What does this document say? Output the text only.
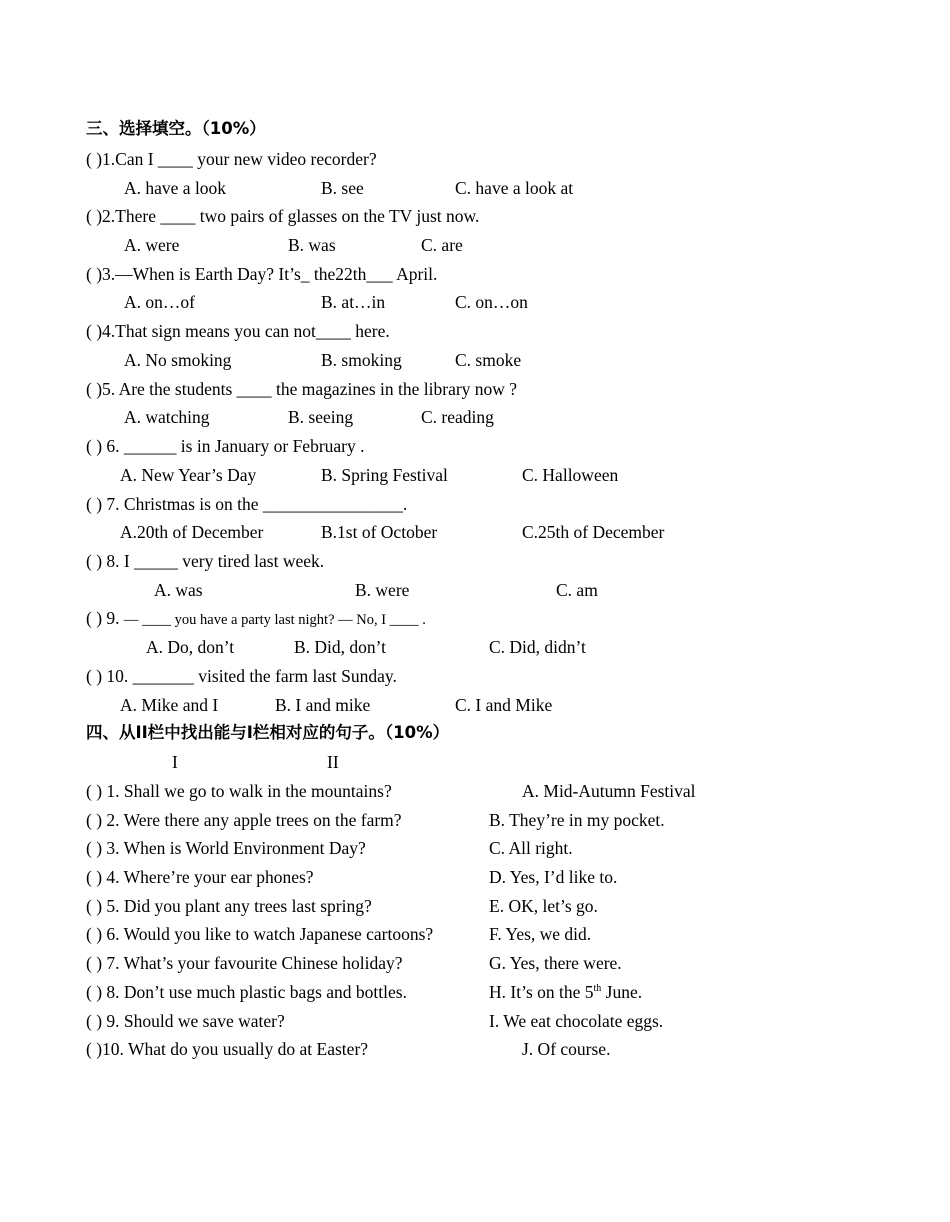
三、选择填空。（10%）
( )1.Can I ____ your new video recorder?
A. have a look	B. see	C. have a look at
( )2.There ____ two pairs of glasses on the TV just now.
A. were	B. was	C. are
( )3.—When is Earth Day? It’s_ the22th___ April.
A. on…of	B. at…in	C. on…on
( )4.That sign means you can not____ here.
A. No smoking	B. smoking	C. smoke
( )5. Are the students ____ the magazines in the library now ?
A. watching	B. seeing	C. reading
( ) 6. ______ is in January or February .
A. New Year’s Day	B. Spring Festival	C. Halloween
( ) 7. Christmas is on the ________________.
A.20th of December	B.1st of October	C.25th of December
( ) 8. I _____ very tired last week.
A. was	B. were	C. am
( ) 9. — ____ you have a party last night? — No, I ____ .
A. Do, don’t	B. Did, don’t	C. Did, didn’t
( ) 10. _______ visited the farm last Sunday.
A. Mike and I	B. I and mike	C. I and Mike
四、从II栏中找出能与I栏相对应的句子。（10%）
I	II
( ) 1. Shall we go to walk in the mountains?	A. Mid-Autumn Festival
( ) 2. Were there any apple trees on the farm?	B. They’re in my pocket.
( ) 3. When is World Environment Day?	C. All right.
( ) 4. Where’re your ear phones?	D. Yes, I’d like to.
( ) 5. Did you plant any trees last spring?	E. OK, let’s go.
( ) 6. Would you like to watch Japanese cartoons?	F. Yes, we did.
( ) 7. What’s your favourite Chinese holiday?	G. Yes, there were.
( ) 8. Don’t use much plastic bags and bottles.	H. It’s on the 5th June.
( ) 9. Should we save water?	I. We eat chocolate eggs.
( )10. What do you usually do at Easter?	J. Of course.
